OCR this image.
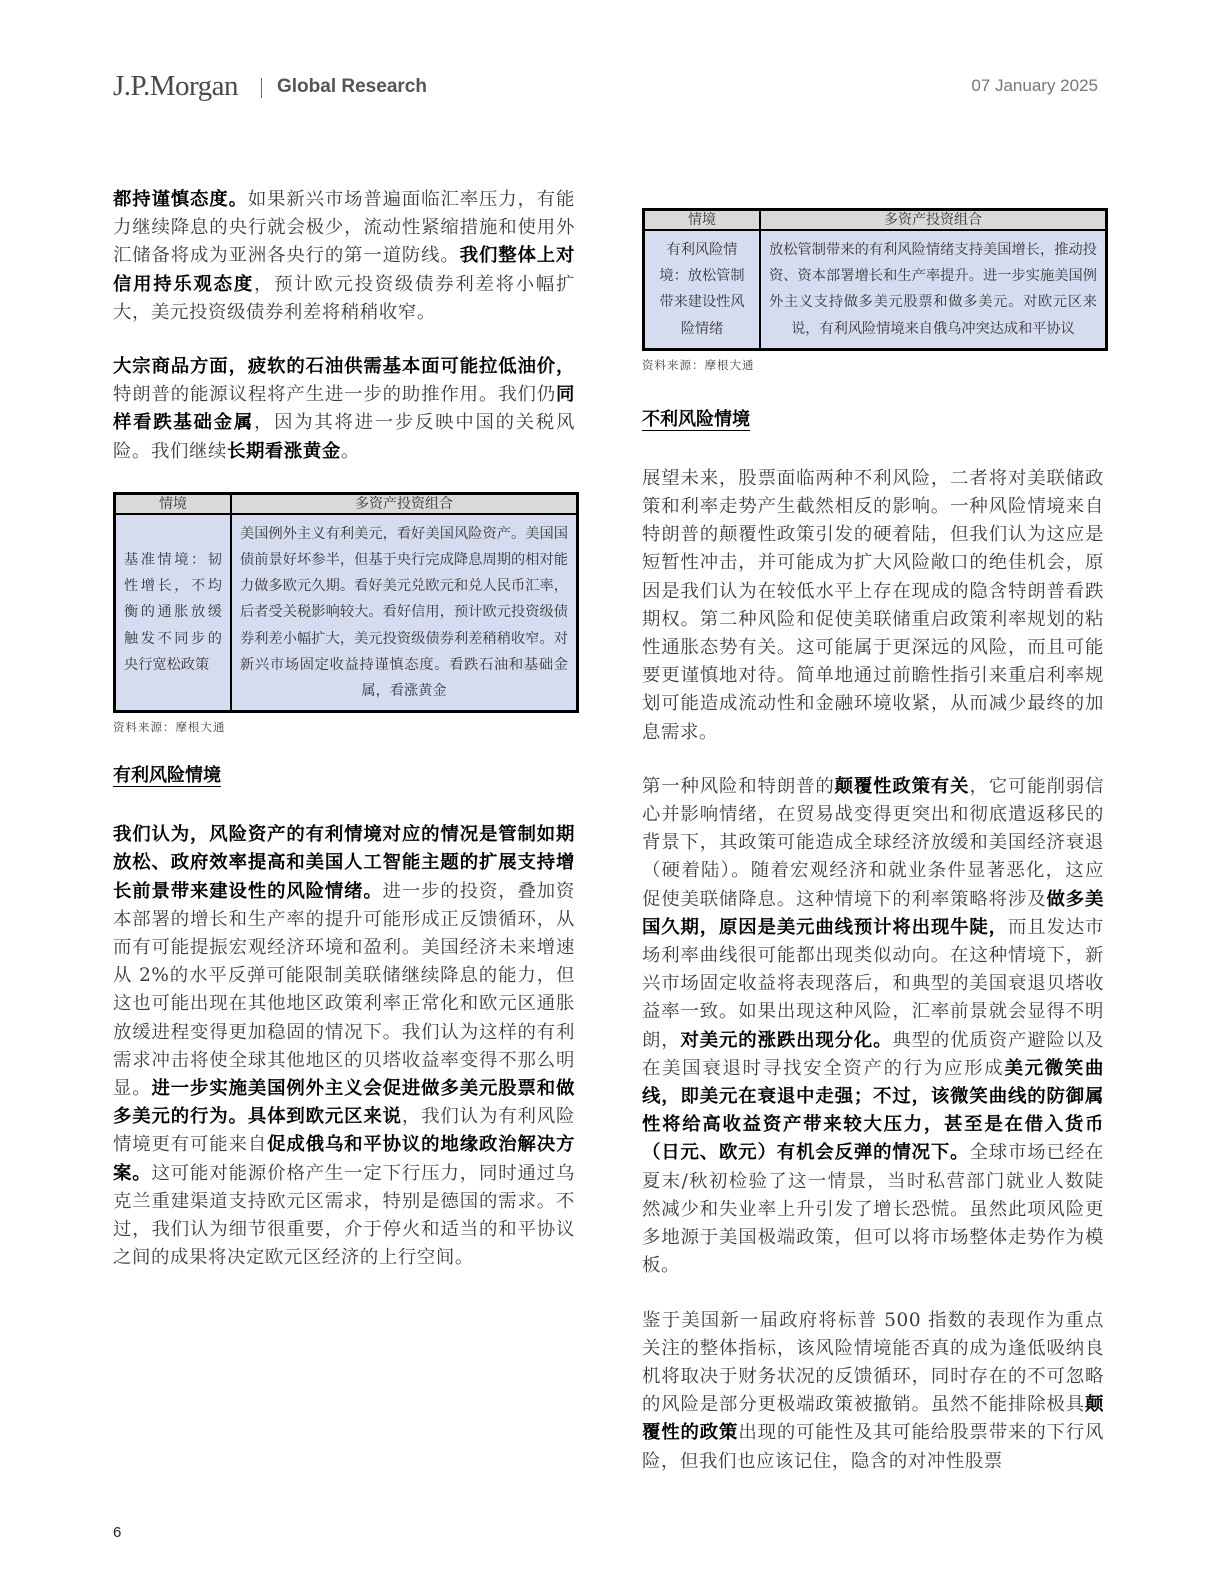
J.P.Morgan Global Research	07 January 2025

都持谨慎态度。如果新兴市场普遍面临汇率压力，有能力继续降息的央行就会极少，流动性紧缩措施和使用外汇储备将成为亚洲各央行的第一道防线。我们整体上对信用持乐观态度，预计欧元投资级债券利差将小幅扩大，美元投资级债券利差将稍稍收窄。

大宗商品方面，疲软的石油供需基本面可能拉低油价，特朗普的能源议程将产生进一步的助推作用。我们仍同样看跌基础金属，因为其将进一步反映中国的关税风险。我们继续长期看涨黄金。

情境	多资产投资组合
基准情境：韧性增长，不均衡的通胀放缓触发不同步的央行宽松政策	美国例外主义有利美元，看好美国风险资产。美国国债前景好坏参半，但基于央行完成降息周期的相对能力做多欧元久期。看好美元兑欧元和兑人民币汇率，后者受关税影响较大。看好信用，预计欧元投资级债券利差小幅扩大，美元投资级债券利差稍稍收窄。对新兴市场固定收益持谨慎态度。看跌石油和基础金属，看涨黄金
资料来源：摩根大通
有利风险情境

我们认为，风险资产的有利情境对应的情况是管制如期放松、政府效率提高和美国人工智能主题的扩展支持增长前景带来建设性的风险情绪。进一步的投资，叠加资本部署的增长和生产率的提升可能形成正反馈循环，从而有可能提振宏观经济环境和盈利。美国经济未来增速从 2%的水平反弹可能限制美联储继续降息的能力，但这也可能出现在其他地区政策利率正常化和欧元区通胀放缓进程变得更加稳固的情况下。我们认为这样的有利需求冲击将使全球其他地区的贝塔收益率变得不那么明显。进一步实施美国例外主义会促进做多美元股票和做多美元的行为。具体到欧元区来说，我们认为有利风险情境更有可能来自促成俄乌和平协议的地缘政治解决方案。这可能对能源价格产生一定下行压力，同时通过乌克兰重建渠道支持欧元区需求，特别是德国的需求。不过，我们认为细节很重要，介于停火和适当的和平协议之间的成果将决定欧元区经济的上行空间。

情境	多资产投资组合
有利风险情境：放松管制带来建设性风险情绪	放松管制带来的有利风险情绪支持美国增长，推动投资、资本部署增长和生产率提升。进一步实施美国例外主义支持做多美元股票和做多美元。对欧元区来说，有利风险情境来自俄乌冲突达成和平协议
资料来源：摩根大通
不利风险情境

展望未来，股票面临两种不利风险，二者将对美联储政策和利率走势产生截然相反的影响。一种风险情境来自特朗普的颠覆性政策引发的硬着陆，但我们认为这应是短暂性冲击，并可能成为扩大风险敞口的绝佳机会，原因是我们认为在较低水平上存在现成的隐含特朗普看跌期权。第二种风险和促使美联储重启政策利率规划的粘性通胀态势有关。这可能属于更深远的风险，而且可能要更谨慎地对待。简单地通过前瞻性指引来重启利率规划可能造成流动性和金融环境收紧，从而减少最终的加息需求。

第一种风险和特朗普的颠覆性政策有关，它可能削弱信心并影响情绪，在贸易战变得更突出和彻底遣返移民的背景下，其政策可能造成全球经济放缓和美国经济衰退（硬着陆）。随着宏观经济和就业条件显著恶化，这应促使美联储降息。这种情境下的利率策略将涉及做多美国久期，原因是美元曲线预计将出现牛陡，而且发达市场利率曲线很可能都出现类似动向。在这种情境下，新兴市场固定收益将表现落后，和典型的美国衰退贝塔收益率一致。如果出现这种风险，汇率前景就会显得不明朗，对美元的涨跌出现分化。典型的优质资产避险以及在美国衰退时寻找安全资产的行为应形成美元微笑曲线，即美元在衰退中走强；不过，该微笑曲线的防御属性将给高收益资产带来较大压力，甚至是在借入货币（日元、欧元）有机会反弹的情况下。全球市场已经在夏末/秋初检验了这一情景，当时私营部门就业人数陡然减少和失业率上升引发了增长恐慌。虽然此项风险更多地源于美国极端政策，但可以将市场整体走势作为模板。

鉴于美国新一届政府将标普 500 指数的表现作为重点关注的整体指标，该风险情境能否真的成为逢低吸纳良机将取决于财务状况的反馈循环，同时存在的不可忽略的风险是部分更极端政策被撤销。虽然不能排除极具颠覆性的政策出现的可能性及其可能给股票带来的下行风险，但我们也应该记住，隐含的对冲性股票

6
